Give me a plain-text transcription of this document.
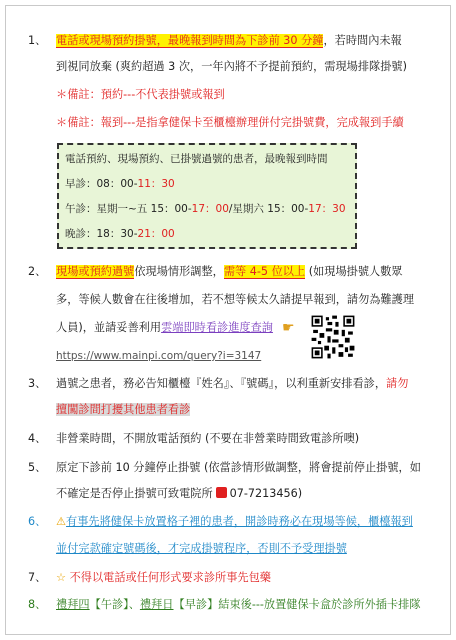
1、 電話或現場預約掛號，最晚報到時間為下診前 30 分鐘，若時間內未報
到視同放棄 (爽約超過 3 次，一年內將不予提前預約，需現場排隊掛號)
＊備註：預約---不代表掛號或報到
＊備註：報到---是指拿健保卡至櫃檯辦理併付完掛號費，完成報到手續
電話預約、現場預約、已掛號過號的患者，最晚報到時間
早診：08：00-11：30
午診：星期一~五 15：00-17：00/星期六 15：00-17：30
晚診：18：30-21：00
2、 現場或預約過號依現場情形調整，需等 4-5 位以上 (如現場掛號人數眾
多，等候人數會在往後增加，若不想等候太久請提早報到，請勿為難護理
人員)，並請妥善利用雲端即時看診進度查詢 ☛
https://www.mainpi.com/query?i=3147
3、 過號之患者，務必告知櫃檯『姓名』、『號碼』，以利重新安排看診，請勿
擅闖診間打擾其他患者看診
4、 非營業時間，不開放電話預約 (不要在非營業時間致電診所噢)
5、 原定下診前 10 分鐘停止掛號 (依當診情形做調整，將會提前停止掛號，如
不確定是否停止掛號可致電院所 07-7213456)
6、 ⚠有事先將健保卡放置格子裡的患者，開診時務必在現場等候，櫃檯報到
並付完款確定號碼後，才完成掛號程序，否則不予受理掛號
7、 ☆ 不得以電話或任何形式要求診所事先包藥
8、 禮拜四【午診】、禮拜日【早診】結束後---放置健保卡盒於診所外插卡排隊
